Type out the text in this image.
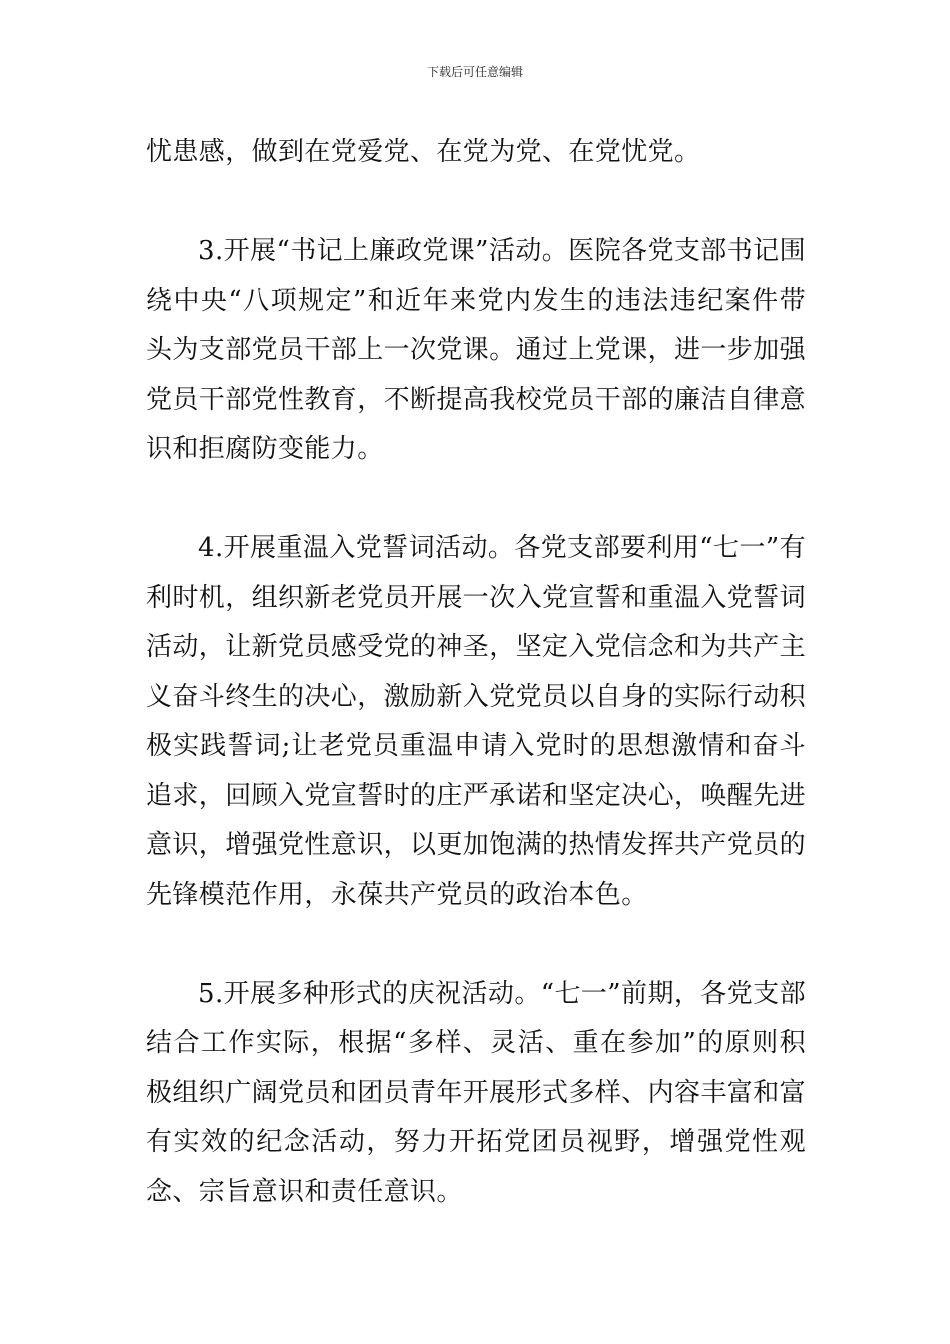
下载后可任意编辑

忧患感，做到在党爱党、在党为党、在党忧党。

3.开展“书记上廉政党课”活动。医院各党支部书记围绕中央“八项规定”和近年来党内发生的违法违纪案件带头为支部党员干部上一次党课。通过上党课，进一步加强党员干部党性教育，不断提高我校党员干部的廉洁自律意识和拒腐防变能力。

4.开展重温入党誓词活动。各党支部要利用“七一”有利时机，组织新老党员开展一次入党宣誓和重温入党誓词活动，让新党员感受党的神圣，坚定入党信念和为共产主义奋斗终生的决心，激励新入党党员以自身的实际行动积极实践誓词;让老党员重温申请入党时的思想激情和奋斗追求，回顾入党宣誓时的庄严承诺和坚定决心，唤醒先进意识，增强党性意识，以更加饱满的热情发挥共产党员的先锋模范作用，永葆共产党员的政治本色。

5.开展多种形式的庆祝活动。“七一”前期，各党支部结合工作实际，根据“多样、灵活、重在参加”的原则积极组织广阔党员和团员青年开展形式多样、内容丰富和富有实效的纪念活动，努力开拓党团员视野，增强党性观念、宗旨意识和责任意识。
